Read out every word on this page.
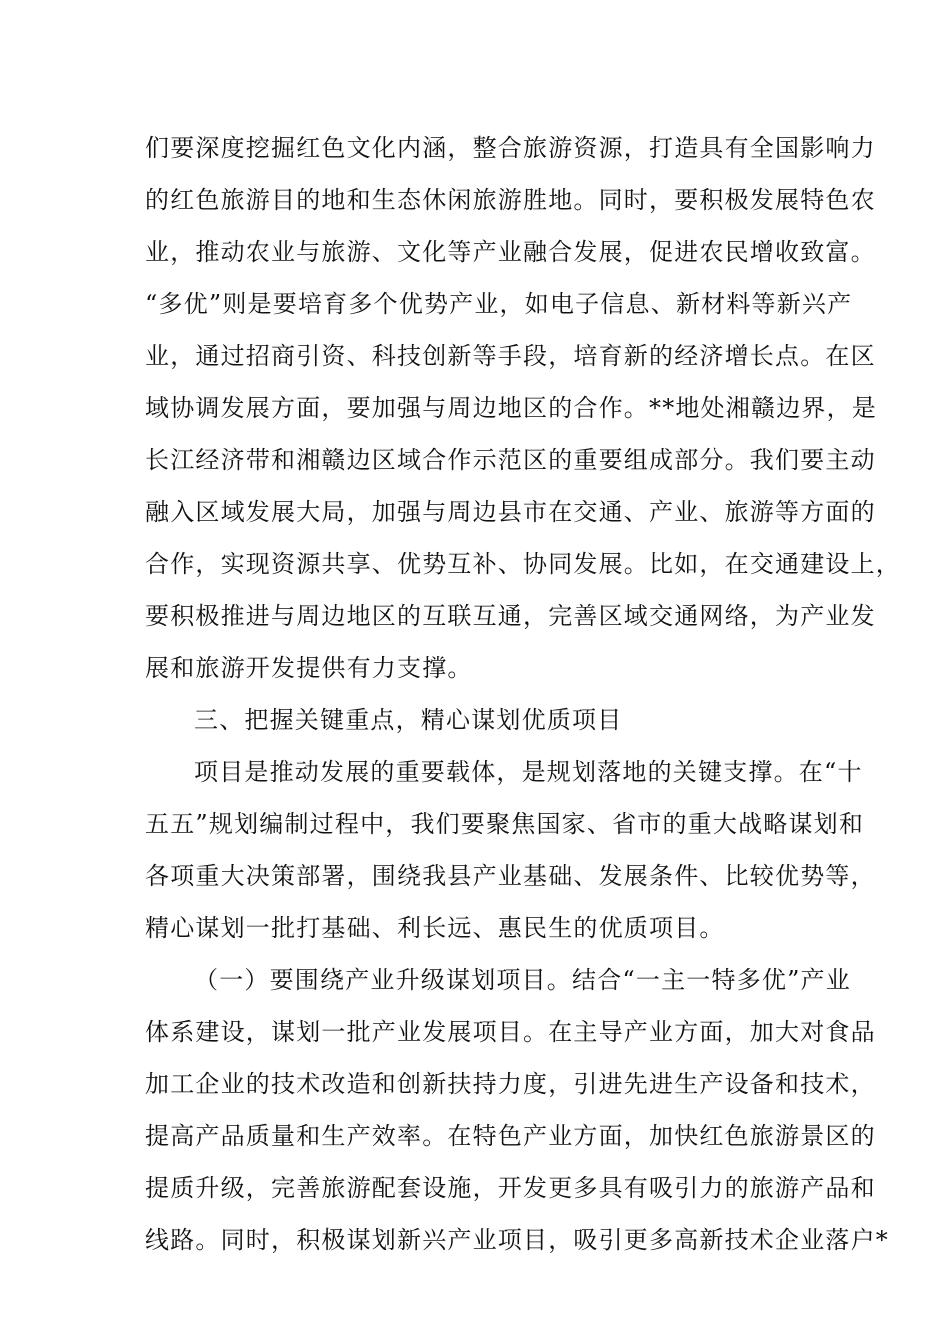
们要深度挖掘红色文化内涵，整合旅游资源，打造具有全国影响力
的红色旅游目的地和生态休闲旅游胜地。同时，要积极发展特色农
业，推动农业与旅游、文化等产业融合发展，促进农民增收致富。
“多优”则是要培育多个优势产业，如电子信息、新材料等新兴产
业，通过招商引资、科技创新等手段，培育新的经济增长点。在区
域协调发展方面，要加强与周边地区的合作。**地处湘赣边界，是
长江经济带和湘赣边区域合作示范区的重要组成部分。我们要主动
融入区域发展大局，加强与周边县市在交通、产业、旅游等方面的
合作，实现资源共享、优势互补、协同发展。比如，在交通建设上，
要积极推进与周边地区的互联互通，完善区域交通网络，为产业发
展和旅游开发提供有力支撑。
三、把握关键重点，精心谋划优质项目
项目是推动发展的重要载体，是规划落地的关键支撑。在“十
五五”规划编制过程中，我们要聚焦国家、省市的重大战略谋划和
各项重大决策部署，围绕我县产业基础、发展条件、比较优势等，
精心谋划一批打基础、利长远、惠民生的优质项目。
（一）要围绕产业升级谋划项目。结合“一主一特多优”产业
体系建设，谋划一批产业发展项目。在主导产业方面，加大对食品
加工企业的技术改造和创新扶持力度，引进先进生产设备和技术，
提高产品质量和生产效率。在特色产业方面，加快红色旅游景区的
提质升级，完善旅游配套设施，开发更多具有吸引力的旅游产品和
线路。同时，积极谋划新兴产业项目，吸引更多高新技术企业落户*
